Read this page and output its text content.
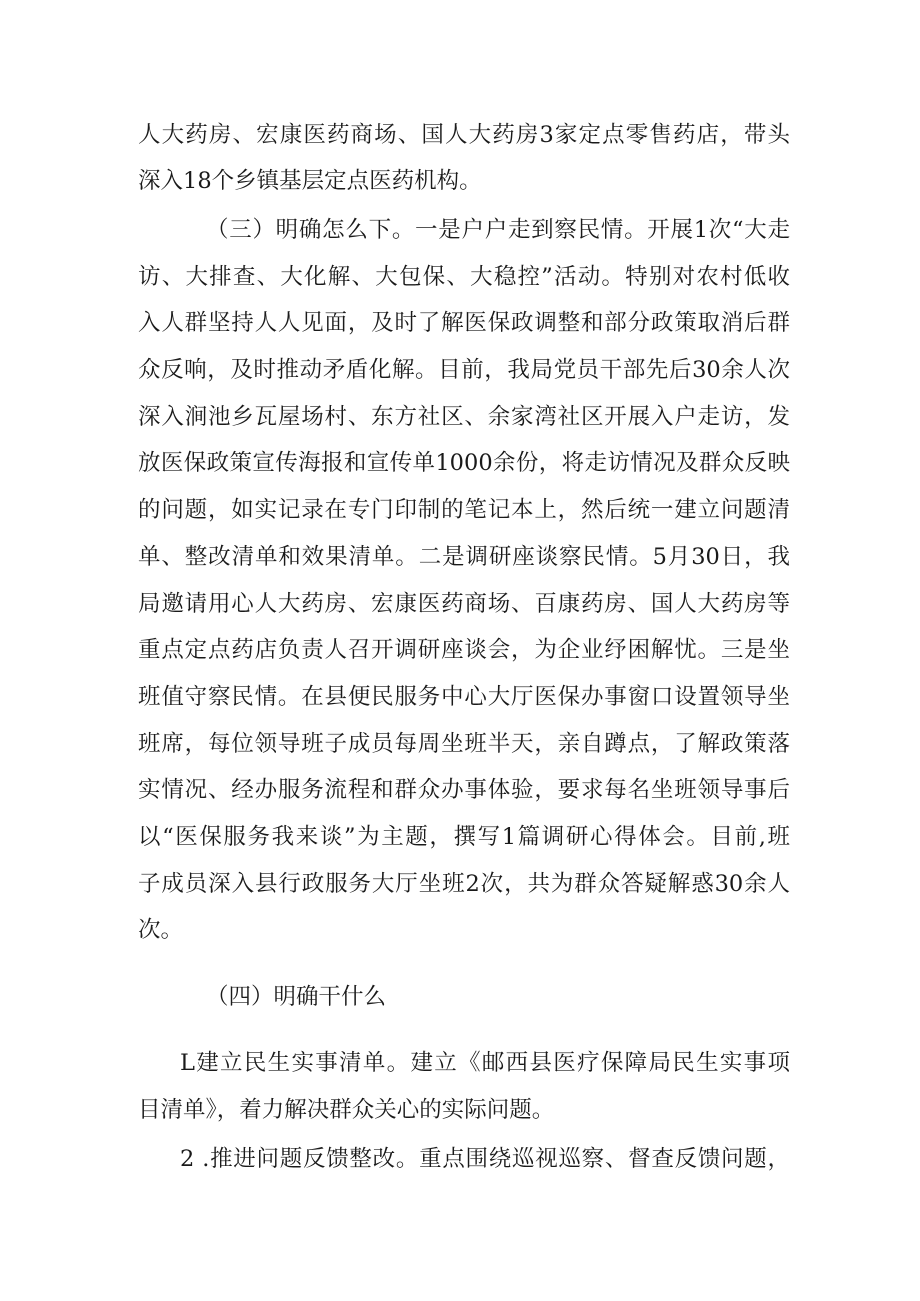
人大药房、宏康医药商场、国人大药房3家定点零售药店，带头
深入18个乡镇基层定点医药机构。
（三）明确怎么下。一是户户走到察民情。开展1次“大走
访、大排查、大化解、大包保、大稳控”活动。特别对农村低收
入人群坚持人人见面，及时了解医保政调整和部分政策取消后群
众反响，及时推动矛盾化解。目前，我局党员干部先后30余人次
深入涧池乡瓦屋场村、东方社区、余家湾社区开展入户走访，发
放医保政策宣传海报和宣传单1000余份，将走访情况及群众反映
的问题，如实记录在专门印制的笔记本上，然后统一建立问题清
单、整改清单和效果清单。二是调研座谈察民情。5月30日，我
局邀请用心人大药房、宏康医药商场、百康药房、国人大药房等
重点定点药店负责人召开调研座谈会，为企业纾困解忧。三是坐
班值守察民情。在县便民服务中心大厅医保办事窗口设置领导坐
班席，每位领导班子成员每周坐班半天，亲自蹲点，了解政策落
实情况、经办服务流程和群众办事体验，要求每名坐班领导事后
以“医保服务我来谈”为主题，撰写1篇调研心得体会。目前,班
子成员深入县行政服务大厅坐班2次，共为群众答疑解惑30余人
次。
（四）明确干什么
L建立民生实事清单。建立《邮西县医疗保障局民生实事项
目清单》，着力解决群众关心的实际问题。
2 .推进问题反馈整改。重点围绕巡视巡察、督查反馈问题，
